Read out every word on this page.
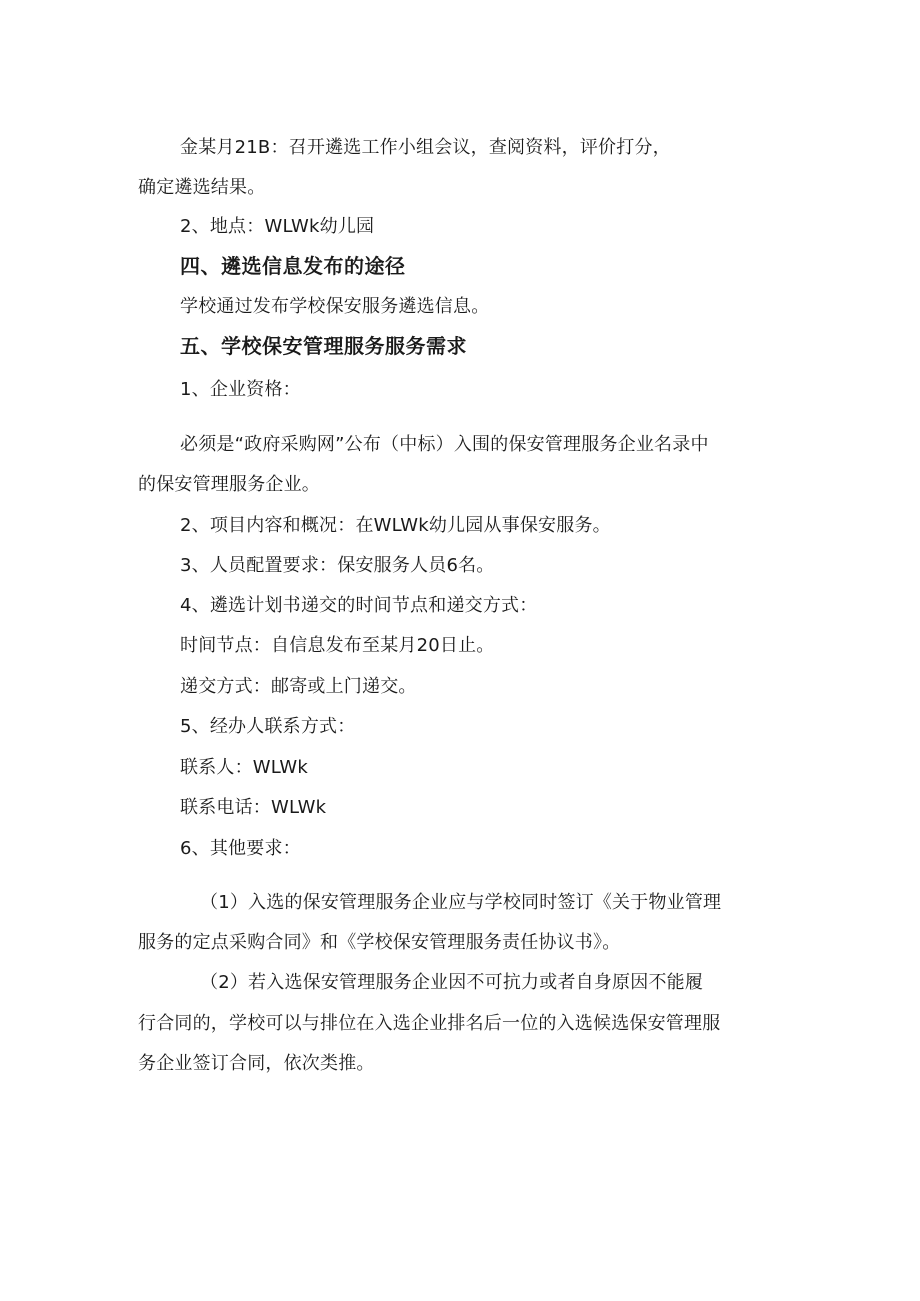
金某月21B：召开遴选工作小组会议，查阅资料，评价打分，
确定遴选结果。
2、地点：WLWk幼儿园
四、遴选信息发布的途径
学校通过发布学校保安服务遴选信息。
五、学校保安管理服务服务需求
1、企业资格：
必须是“政府采购网”公布（中标）入围的保安管理服务企业名录中
的保安管理服务企业。
2、项目内容和概况：在WLWk幼儿园从事保安服务。
3、人员配置要求：保安服务人员6名。
4、遴选计划书递交的时间节点和递交方式：
时间节点：自信息发布至某月20日止。
递交方式：邮寄或上门递交。
5、经办人联系方式：
联系人：WLWk
联系电话：WLWk
6、其他要求：
（1）入选的保安管理服务企业应与学校同时签订《关于物业管理
服务的定点采购合同》和《学校保安管理服务责任协议书》。
（2）若入选保安管理服务企业因不可抗力或者自身原因不能履
行合同的，学校可以与排位在入选企业排名后一位的入选候选保安管理服
务企业签订合同，依次类推。
